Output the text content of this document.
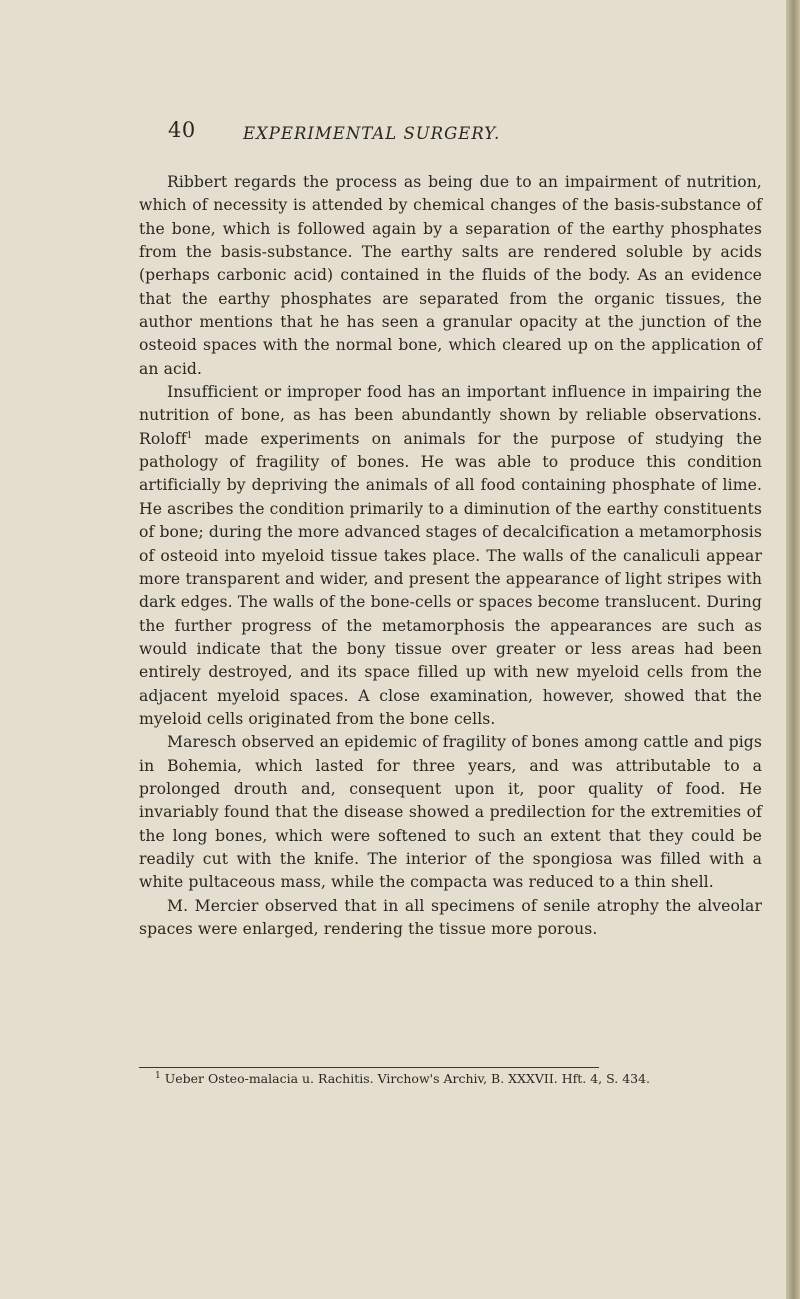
40	EXPERIMENTAL SURGERY.

Ribbert regards the process as being due to an impairment of nutrition, which of necessity is attended by chemical changes of the basis-substance of the bone, which is followed again by a separation of the earthy phosphates from the basis-substance. The earthy salts are rendered soluble by acids (perhaps carbonic acid) contained in the fluids of the body. As an evidence that the earthy phosphates are separated from the organic tissues, the author mentions that he has seen a granular opacity at the junction of the osteoid spaces with the normal bone, which cleared up on the application of an acid.

Insufficient or improper food has an important influence in impairing the nutrition of bone, as has been abundantly shown by reliable observations. Roloff$^1$ made experiments on animals for the purpose of studying the pathology of fragility of bones. He was able to produce this condition artificially by depriving the animals of all food containing phosphate of lime. He ascribes the condition primarily to a diminution of the earthy constituents of bone; during the more advanced stages of decalcification a metamorphosis of osteoid into myeloid tissue takes place. The walls of the canaliculi appear more transparent and wider, and present the appearance of light stripes with dark edges. The walls of the bone-cells or spaces become translucent. During the further progress of the metamorphosis the appearances are such as would indicate that the bony tissue over greater or less areas had been entirely destroyed, and its space filled up with new myeloid cells from the adjacent myeloid spaces. A close examination, however, showed that the myeloid cells originated from the bone cells.

Maresch observed an epidemic of fragility of bones among cattle and pigs in Bohemia, which lasted for three years, and was attributable to a prolonged drouth and, consequent upon it, poor quality of food. He invariably found that the disease showed a predilection for the extremities of the long bones, which were softened to such an extent that they could be readily cut with the knife. The interior of the spongiosa was filled with a white pultaceous mass, while the compacta was reduced to a thin shell.

M. Mercier observed that in all specimens of senile atrophy the alveolar spaces were enlarged, rendering the tissue more porous.

$^1$ Ueber Osteo-malacia u. Rachitis. Virchow's Archiv, B. XXXVII. Hft. 4, S. 434.
